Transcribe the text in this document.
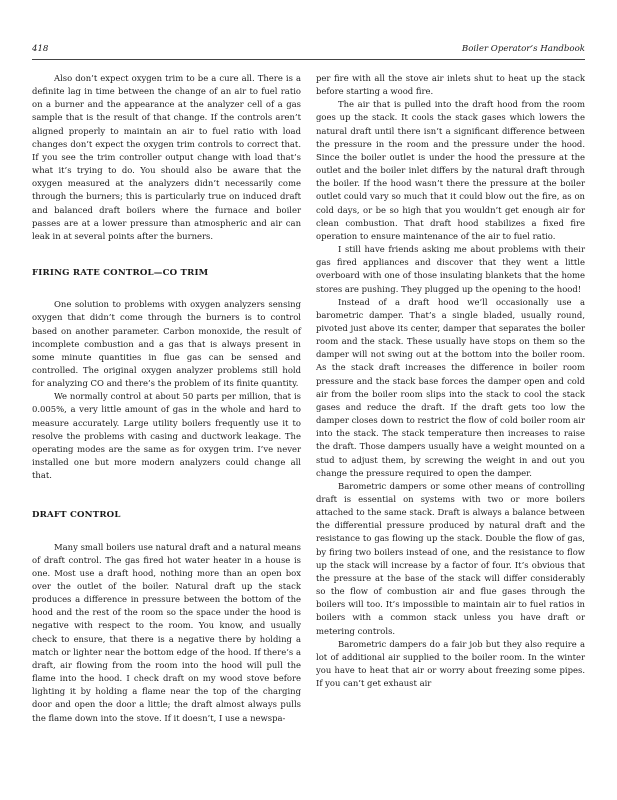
418	Boiler Operator’s Handbook

Also don’t expect oxygen trim to be a cure all. There is a definite lag in time between the change of an air to fuel ratio on a burner and the appearance at the analyzer cell of a gas sample that is the result of that change. If the controls aren’t aligned properly to maintain an air to fuel ratio with load changes don’t expect the oxygen trim controls to correct that. If you see the trim controller output change with load that’s what it’s trying to do. You should also be aware that the oxygen measured at the analyzers didn’t necessarily come through the burners; this is particularly true on induced draft and balanced draft boilers where the furnace and boiler passes are at a lower pressure than atmospheric and air can leak in at several points after the burners.

FIRING RATE CONTROL—CO TRIM

One solution to problems with oxygen analyzers sensing oxygen that didn’t come through the burners is to control based on another parameter. Carbon monoxide, the result of incomplete combustion and a gas that is always present in some minute quantities in flue gas can be sensed and controlled. The original oxygen analyzer problems still hold for analyzing CO and there’s the problem of its finite quantity.

We normally control at about 50 parts per million, that is 0.005%, a very little amount of gas in the whole and hard to measure accurately. Large utility boilers frequently use it to resolve the problems with casing and ductwork leakage. The operating modes are the same as for oxygen trim. I’ve never installed one but more modern analyzers could change all that.

DRAFT CONTROL

Many small boilers use natural draft and a natural means of draft control. The gas fired hot water heater in a house is one. Most use a draft hood, nothing more than an open box over the outlet of the boiler. Natural draft up the stack produces a difference in pressure between the bottom of the hood and the rest of the room so the space under the hood is negative with respect to the room. You know, and usually check to ensure, that there is a negative there by holding a match or lighter near the bottom edge of the hood. If there’s a draft, air flowing from the room into the hood will pull the flame into the hood. I check draft on my wood stove before lighting it by holding a flame near the top of the charging door and open the door a little; the draft almost always pulls the flame down into the stove. If it doesn’t, I use a newspa-

per fire with all the stove air inlets shut to heat up the stack before starting a wood fire.

The air that is pulled into the draft hood from the room goes up the stack. It cools the stack gases which lowers the natural draft until there isn’t a significant difference between the pressure in the room and the pressure under the hood. Since the boiler outlet is under the hood the pressure at the outlet and the boiler inlet differs by the natural draft through the boiler. If the hood wasn’t there the pressure at the boiler outlet could vary so much that it could blow out the fire, as on cold days, or be so high that you wouldn’t get enough air for clean combustion. That draft hood stabilizes a fixed fire operation to ensure maintenance of the air to fuel ratio.

I still have friends asking me about problems with their gas fired appliances and discover that they went a little overboard with one of those insulating blankets that the home stores are pushing. They plugged up the opening to the hood!

Instead of a draft hood we’ll occasionally use a barometric damper. That’s a single bladed, usually round, pivoted just above its center, damper that separates the boiler room and the stack. These usually have stops on them so the damper will not swing out at the bottom into the boiler room. As the stack draft increases the difference in boiler room pressure and the stack base forces the damper open and cold air from the boiler room slips into the stack to cool the stack gases and reduce the draft. If the draft gets too low the damper closes down to restrict the flow of cold boiler room air into the stack. The stack temperature then increases to raise the draft. Those dampers usually have a weight mounted on a stud to adjust them, by screwing the weight in and out you change the pressure required to open the damper.

Barometric dampers or some other means of controlling draft is essential on systems with two or more boilers attached to the same stack. Draft is always a balance between the differential pressure produced by natural draft and the resistance to gas flowing up the stack. Double the flow of gas, by firing two boilers instead of one, and the resistance to flow up the stack will increase by a factor of four. It’s obvious that the pressure at the base of the stack will differ considerably so the flow of combustion air and flue gases through the boilers will too. It’s impossible to maintain air to fuel ratios in boilers with a common stack unless you have draft or metering controls.

Barometric dampers do a fair job but they also require a lot of additional air supplied to the boiler room. In the winter you have to heat that air or worry about freezing some pipes. If you can’t get exhaust air
